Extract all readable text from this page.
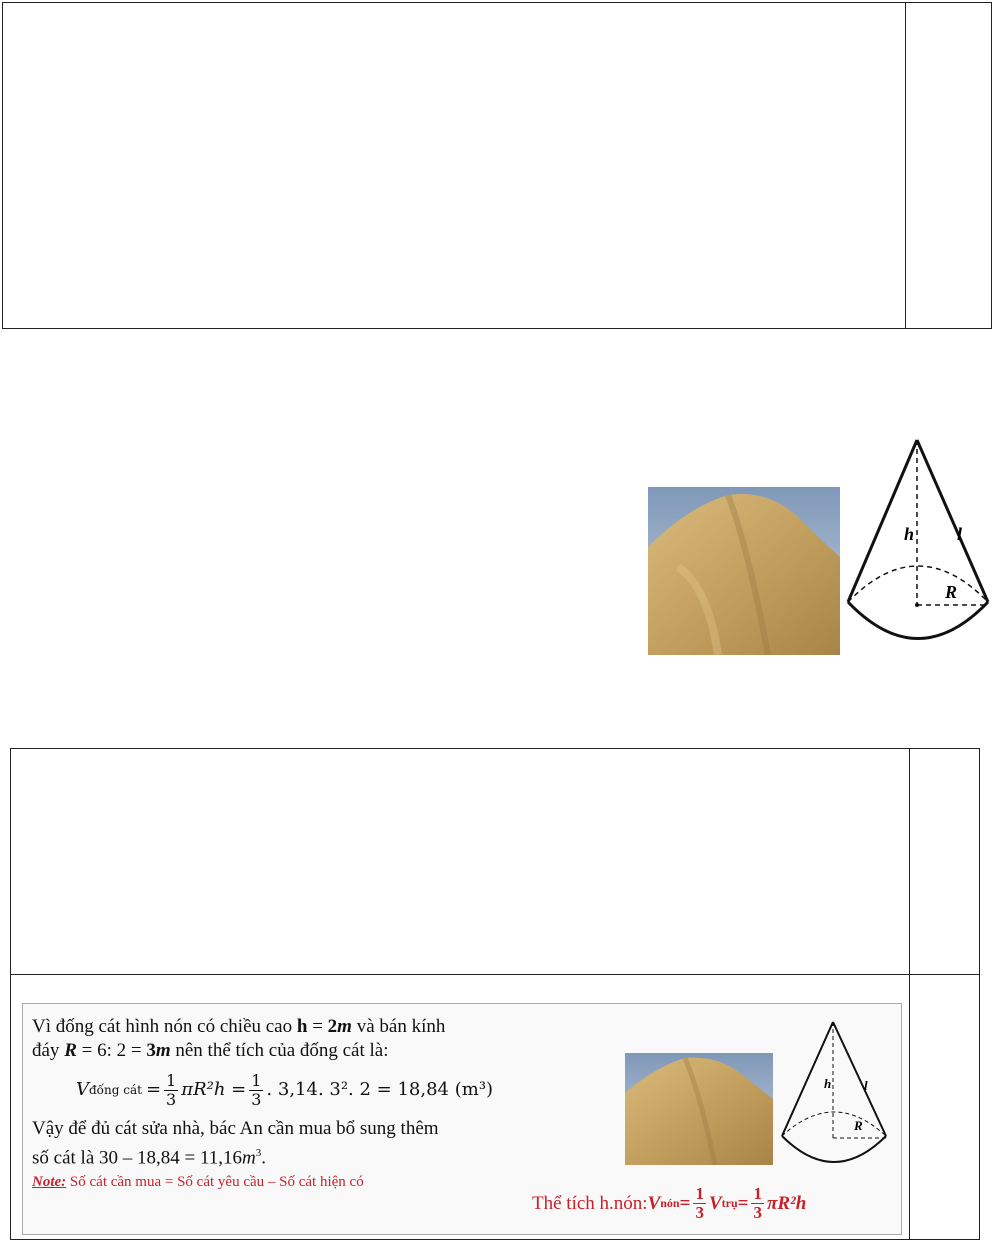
h l
R

Vì đống cát hình nón có chiều cao h = 2m và bán kính

đáy R = 6: 2 = 3m nên thể tích của đống cát là:

V đống cát = $\frac{1}{3} \pi R^2h = \frac{1}{3}$ . 3,14. 3². 2 = 18,84 (m³)

Vậy để đủ cát sửa nhà, bác An cần mua bổ sung thêm

số cát là $30 - 18,84 = 11,16m^3$.

Note: Số cát cần mua = Số cát yêu cầu – Số cát hiện có

h	l
R
Thể tích h.nón: V nón = $\frac{1}{3}$ V trụ = $\frac{1}{3} \pi R^2h$
